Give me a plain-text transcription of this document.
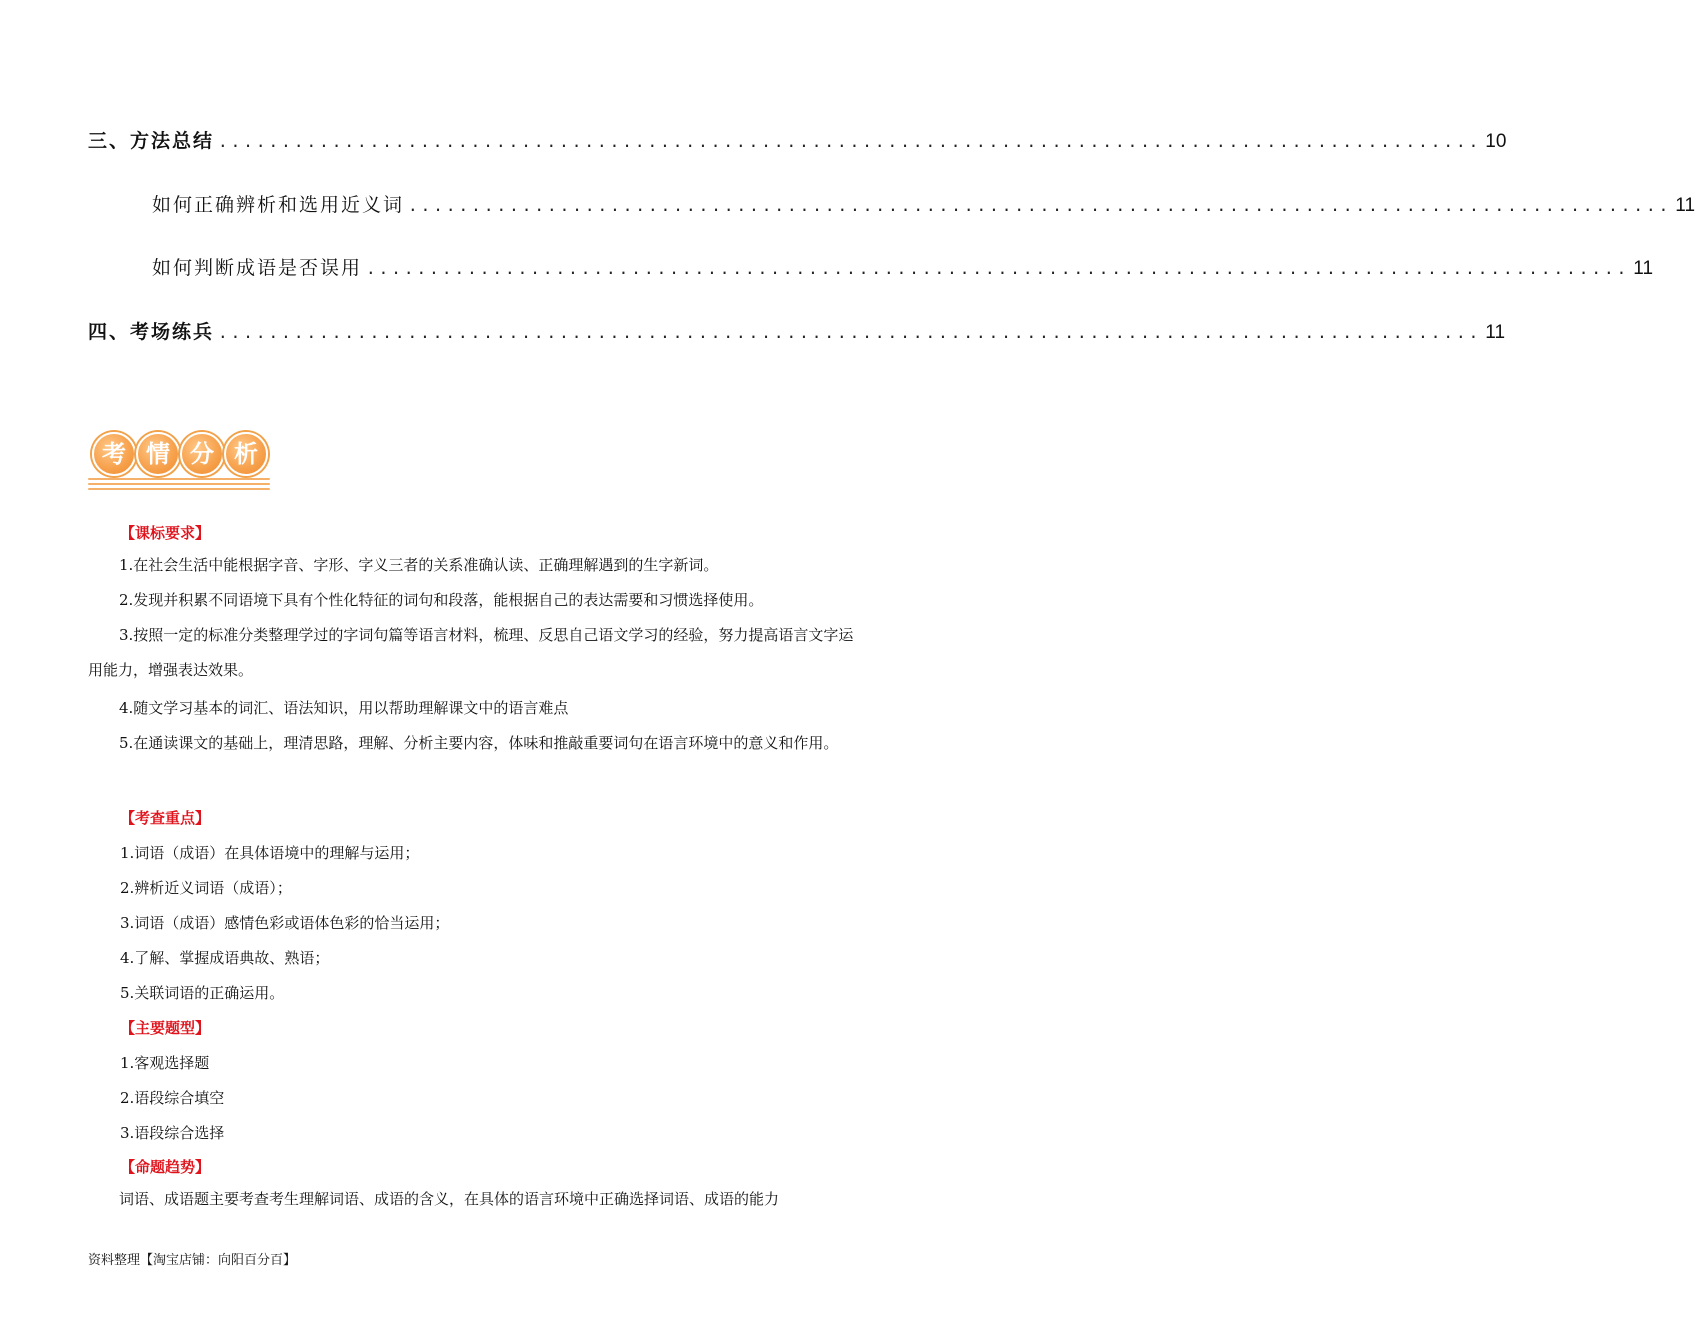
三、方法总结 .................................................................................................... 10
如何正确辨析和选用近义词 .................................................................................................... 11
如何判断成语是否误用 .................................................................................................... 11
四、考场练兵 .................................................................................................... 11
考 情 分 析
【课标要求】
1.在社会生活中能根据字音、字形、字义三者的关系准确认读、正确理解遇到的生字新词。
2.发现并积累不同语境下具有个性化特征的词句和段落，能根据自己的表达需要和习惯选择使用。
3.按照一定的标准分类整理学过的字词句篇等语言材料，梳理、反思自己语文学习的经验，努力提高语言文字运用能力，增强表达效果。
4.随文学习基本的词汇、语法知识，用以帮助理解课文中的语言难点
5.在通读课文的基础上，理清思路，理解、分析主要内容，体味和推敲重要词句在语言环境中的意义和作用。
【考查重点】
1.词语（成语）在具体语境中的理解与运用；
2.辨析近义词语（成语）；
3.词语（成语）感情色彩或语体色彩的恰当运用；
4.了解、掌握成语典故、熟语；
5.关联词语的正确运用。
【主要题型】
1.客观选择题
2.语段综合填空
3.语段综合选择
【命题趋势】
词语、成语题主要考查考生理解词语、成语的含义，在具体的语言环境中正确选择词语、成语的能力
资料整理【淘宝店铺：向阳百分百】
